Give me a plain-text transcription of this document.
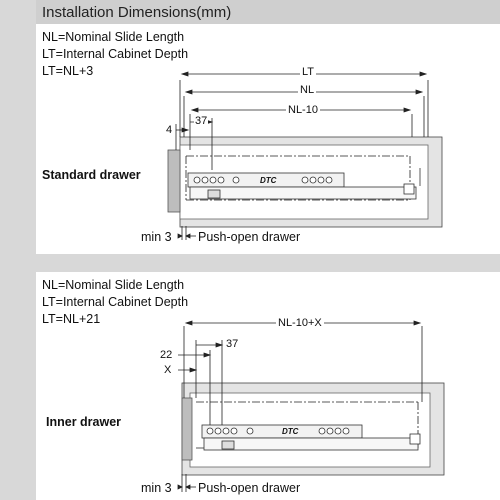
Installation Dimensions(mm)
NL=Nominal Slide Length
LT=Internal Cabinet Depth
LT=NL+3
Standard drawer
LT
NL
NL-10
37
4
DTC
min 3 Push-open drawer
NL=Nominal Slide Length
LT=Internal Cabinet Depth
LT=NL+21
Inner drawer
NL-10+X
37
22
X
DTC
min 3 Push-open drawer
